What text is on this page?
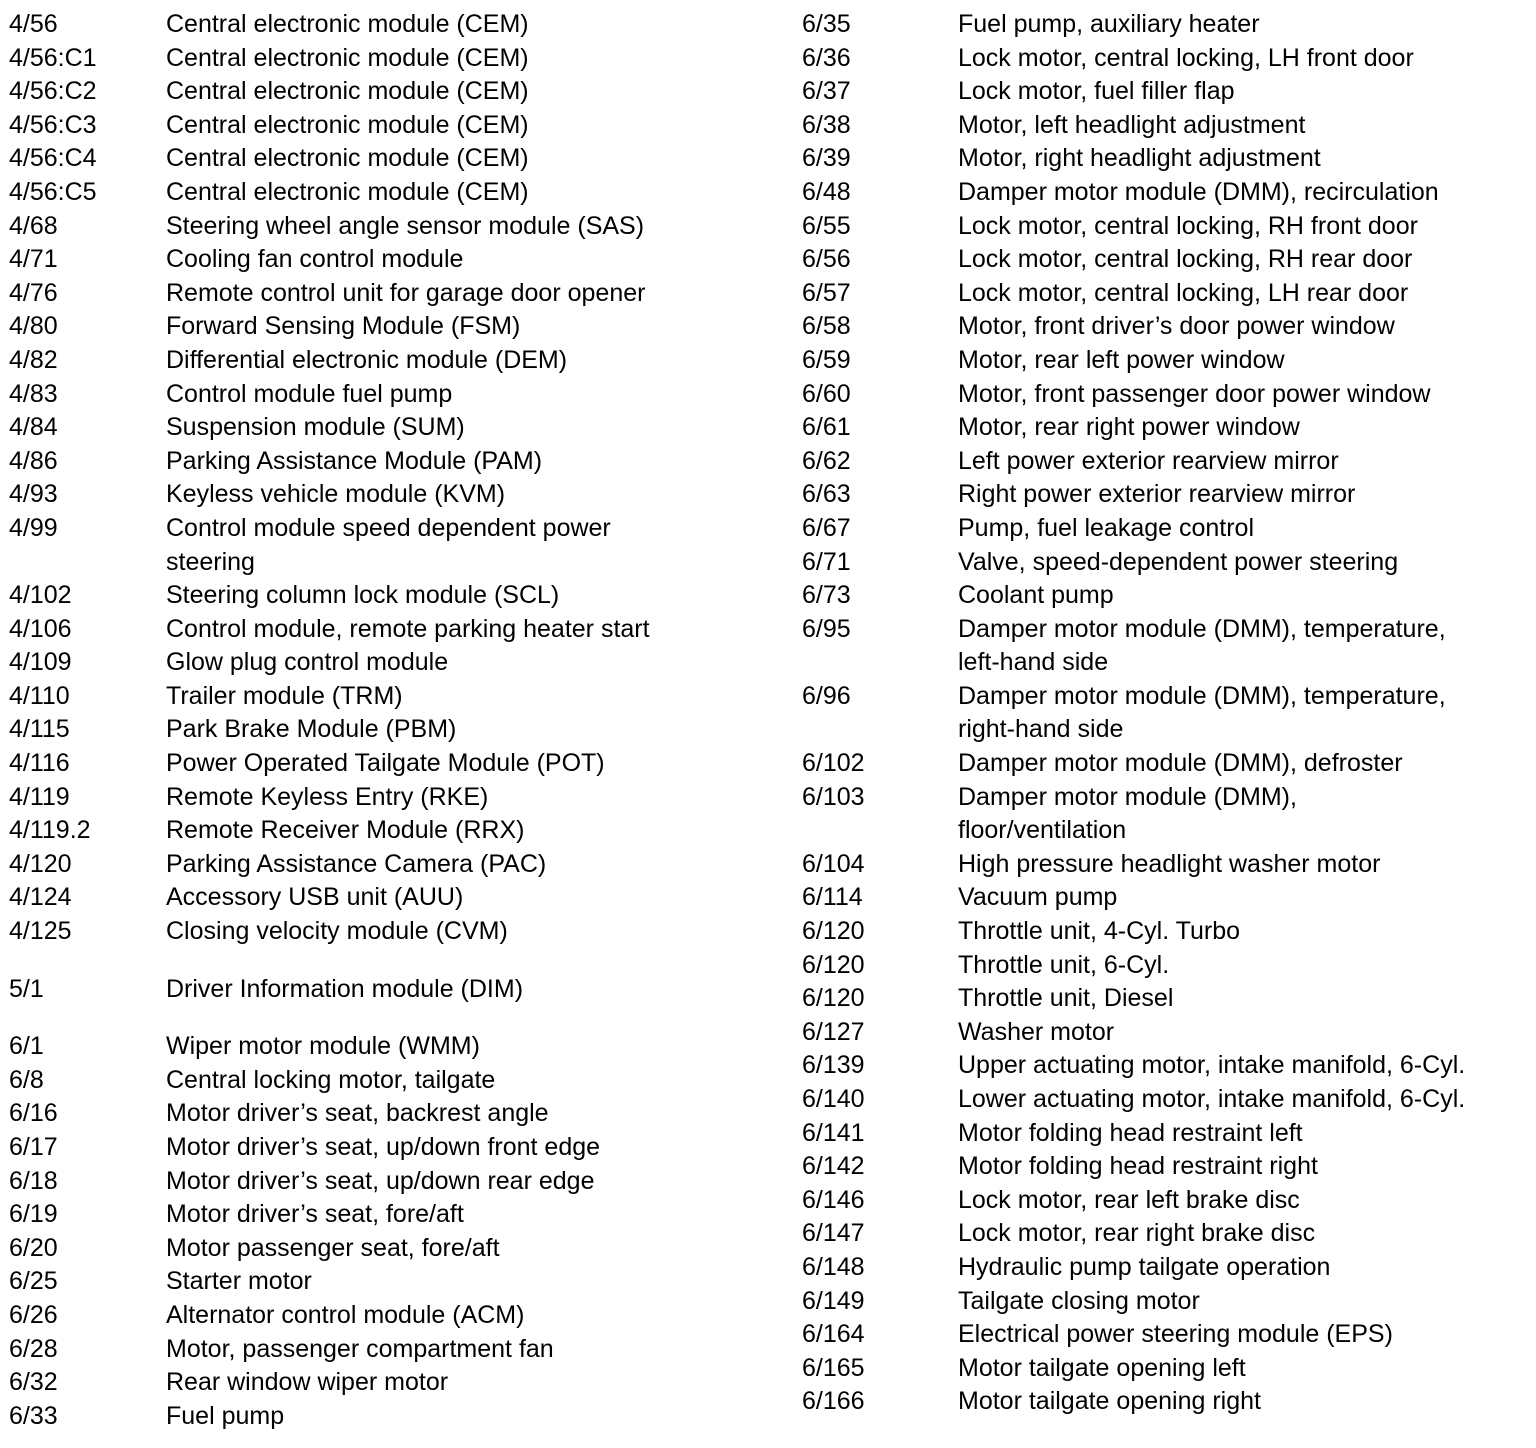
4/56	Central electronic module (CEM)
4/56:C1	Central electronic module (CEM)
4/56:C2	Central electronic module (CEM)
4/56:C3	Central electronic module (CEM)
4/56:C4	Central electronic module (CEM)
4/56:C5	Central electronic module (CEM)
4/68	Steering wheel angle sensor module (SAS)
4/71	Cooling fan control module
4/76	Remote control unit for garage door opener
4/80	Forward Sensing Module (FSM)
4/82	Differential electronic module (DEM)
4/83	Control module fuel pump
4/84	Suspension module (SUM)
4/86	Parking Assistance Module (PAM)
4/93	Keyless vehicle module (KVM)
4/99	Control module speed dependent power
steering
4/102	Steering column lock module (SCL)
4/106	Control module, remote parking heater start
4/109	Glow plug control module
4/110	Trailer module (TRM)
4/115	Park Brake Module (PBM)
4/116	Power Operated Tailgate Module (POT)
4/119	Remote Keyless Entry (RKE)
4/119.2	Remote Receiver Module (RRX)
4/120	Parking Assistance Camera (PAC)
4/124	Accessory USB unit (AUU)
4/125	Closing velocity module (CVM)
5/1	Driver Information module (DIM)
6/1	Wiper motor module (WMM)
6/8	Central locking motor, tailgate
6/16	Motor driver’s seat, backrest angle
6/17	Motor driver’s seat, up/down front edge
6/18	Motor driver’s seat, up/down rear edge
6/19	Motor driver’s seat, fore/aft
6/20	Motor passenger seat, fore/aft
6/25	Starter motor
6/26	Alternator control module (ACM)
6/28	Motor, passenger compartment fan
6/32	Rear window wiper motor
6/33	Fuel pump
6/35	Fuel pump, auxiliary heater
6/36	Lock motor, central locking, LH front door
6/37	Lock motor, fuel filler flap
6/38	Motor, left headlight adjustment
6/39	Motor, right headlight adjustment
6/48	Damper motor module (DMM), recirculation
6/55	Lock motor, central locking, RH front door
6/56	Lock motor, central locking, RH rear door
6/57	Lock motor, central locking, LH rear door
6/58	Motor, front driver’s door power window
6/59	Motor, rear left power window
6/60	Motor, front passenger door power window
6/61	Motor, rear right power window
6/62	Left power exterior rearview mirror
6/63	Right power exterior rearview mirror
6/67	Pump, fuel leakage control
6/71	Valve, speed-dependent power steering
6/73	Coolant pump
6/95	Damper motor module (DMM), temperature,
left-hand side
6/96	Damper motor module (DMM), temperature,
right-hand side
6/102	Damper motor module (DMM), defroster
6/103	Damper motor module (DMM),
floor/ventilation
6/104	High pressure headlight washer motor
6/114	Vacuum pump
6/120	Throttle unit, 4-Cyl. Turbo
6/120	Throttle unit, 6-Cyl.
6/120	Throttle unit, Diesel
6/127	Washer motor
6/139	Upper actuating motor, intake manifold, 6-Cyl.
6/140	Lower actuating motor, intake manifold, 6-Cyl.
6/141	Motor folding head restraint left
6/142	Motor folding head restraint right
6/146	Lock motor, rear left brake disc
6/147	Lock motor, rear right brake disc
6/148	Hydraulic pump tailgate operation
6/149	Tailgate closing motor
6/164	Electrical power steering module (EPS)
6/165	Motor tailgate opening left
6/166	Motor tailgate opening right
